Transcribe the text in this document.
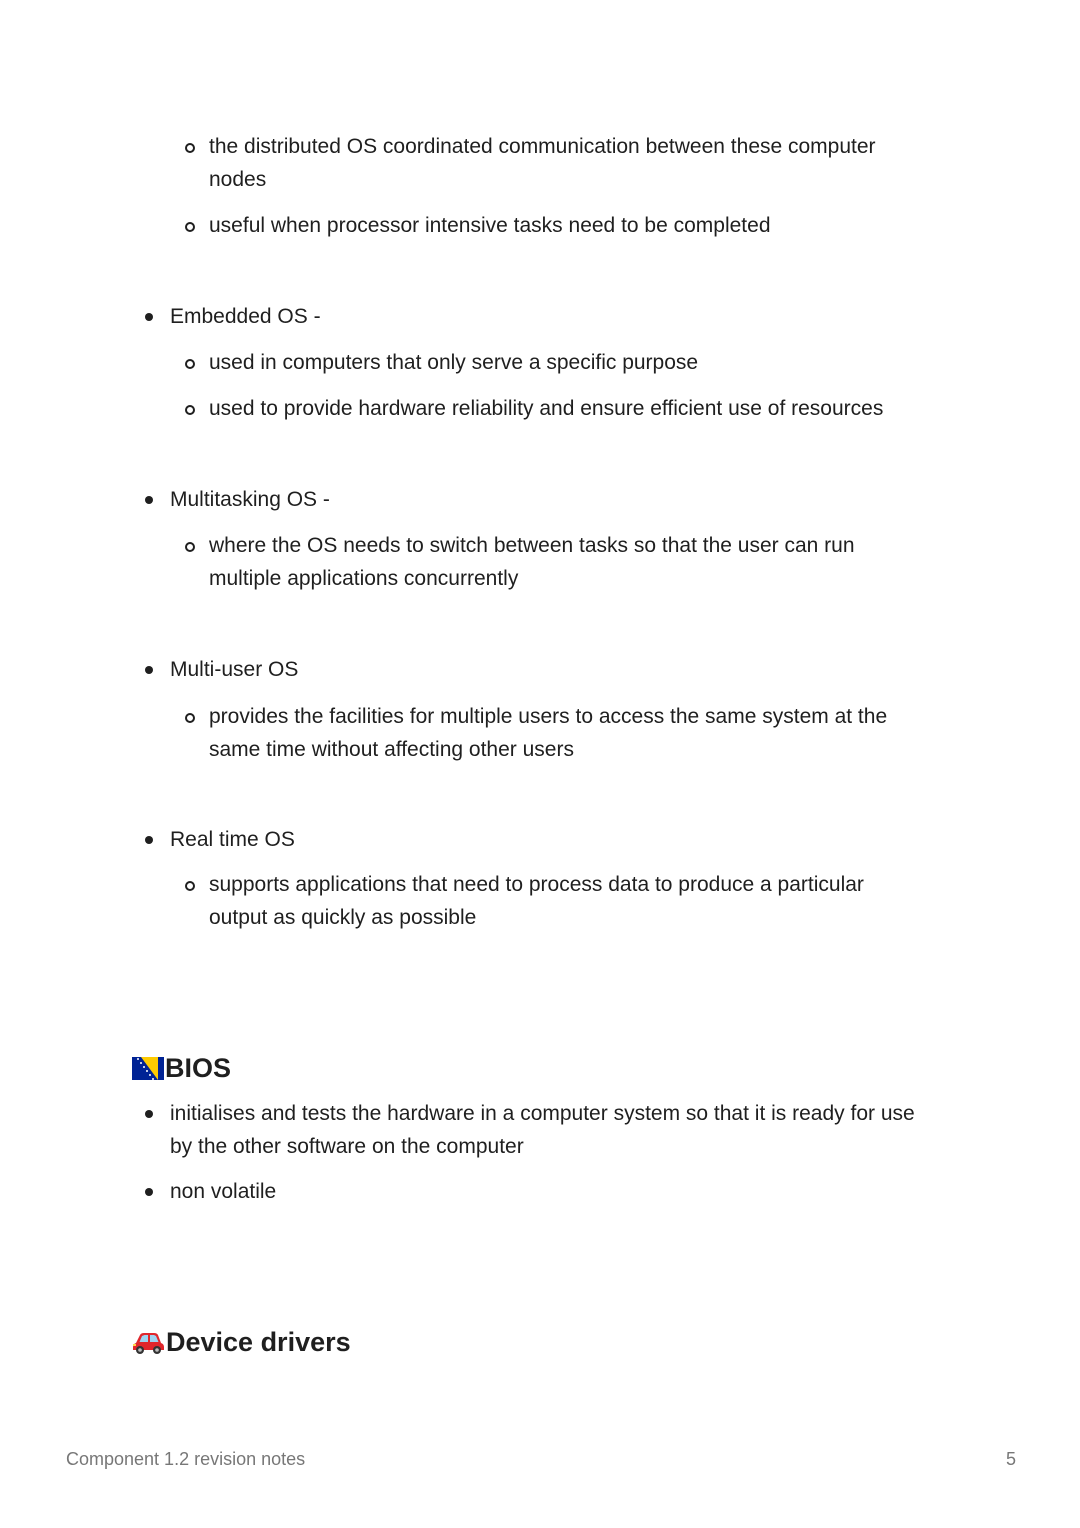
the distributed OS coordinated communication between these computer
nodes
useful when processor intensive tasks need to be completed
Embedded OS -
used in computers that only serve a specific purpose
used to provide hardware reliability and ensure efficient use of resources
Multitasking OS -
where the OS needs to switch between tasks so that the user can run
multiple applications concurrently
Multi-user OS
provides the facilities for multiple users to access the same system at the
same time without affecting other users
Real time OS
supports applications that need to process data to produce a particular
output as quickly as possible
BIOS
initialises and tests the hardware in a computer system so that it is ready for use
by the other software on the computer
non volatile
Device drivers
Component 1.2 revision notes	5
